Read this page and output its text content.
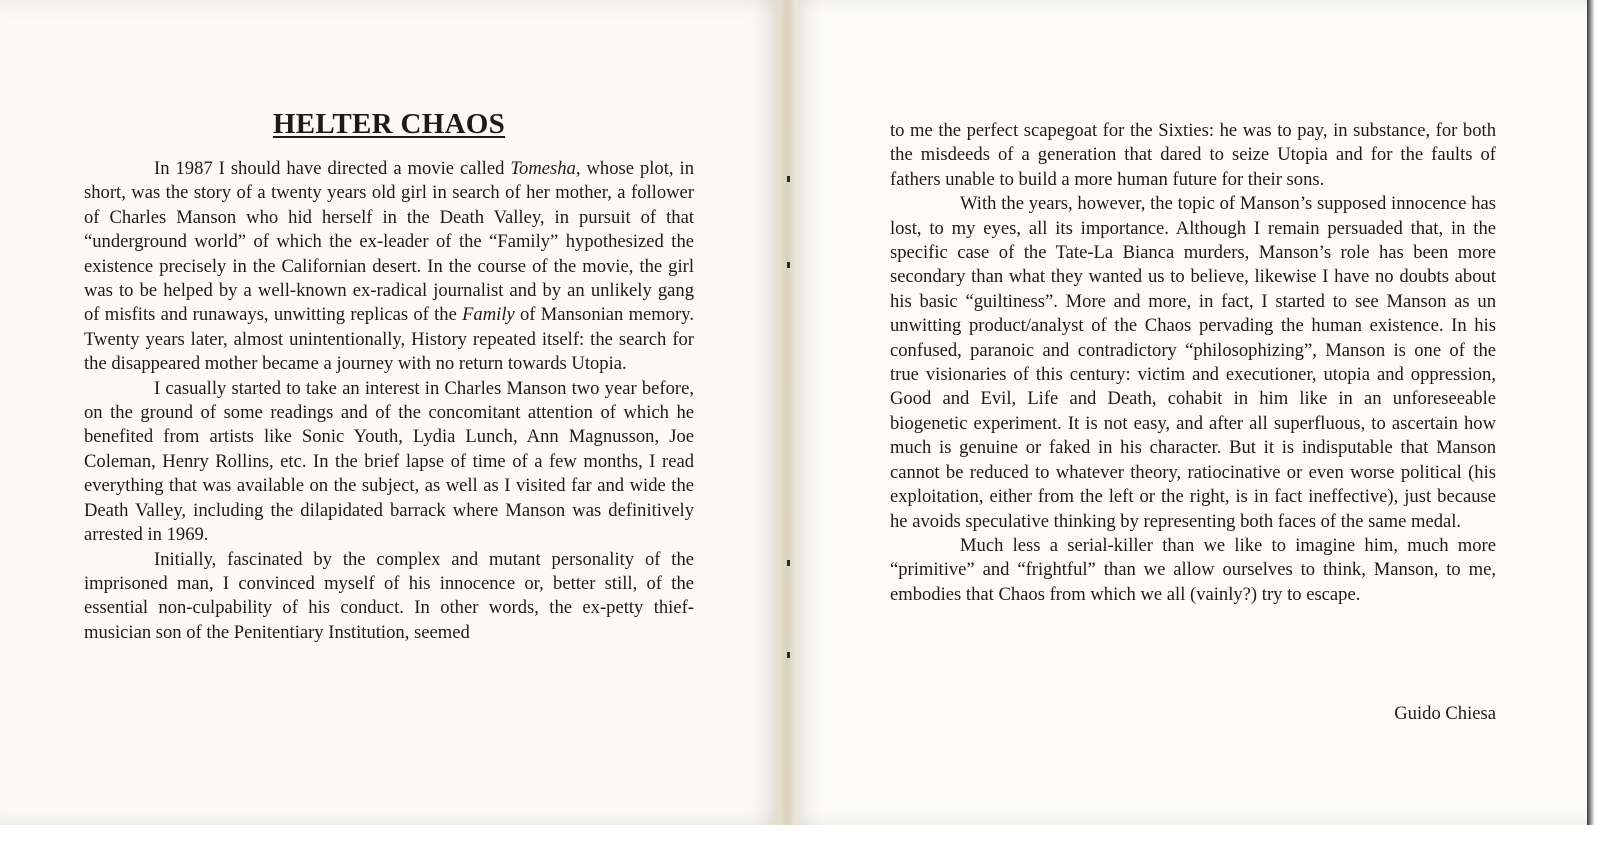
HELTER CHAOS

In 1987 I should have directed a movie called Tomesha, whose plot, in short, was the story of a twenty years old girl in search of her mother, a follower of Charles Manson who hid herself in the Death Valley, in pursuit of that “underground world” of which the ex-leader of the “Family” hypothesized the existence precisely in the Californian desert. In the course of the movie, the girl was to be helped by a well-known ex-radical journalist and by an unlikely gang of misfits and runaways, unwitting replicas of the Family of Mansonian memory. Twenty years later, almost unintentionally, History repeated itself: the search for the disappeared mother became a journey with no return towards Utopia.

I casually started to take an interest in Charles Manson two year before, on the ground of some readings and of the concomitant attention of which he benefited from artists like Sonic Youth, Lydia Lunch, Ann Magnusson, Joe Coleman, Henry Rollins, etc. In the brief lapse of time of a few months, I read everything that was available on the subject, as well as I visited far and wide the Death Valley, including the dilapidated barrack where Manson was definitively arrested in 1969.

Initially, fascinated by the complex and mutant personality of the imprisoned man, I convinced myself of his innocence or, better still, of the essential non-culpability of his conduct. In other words, the ex-petty thief-musician son of the Penitentiary Institution, seemed

to me the perfect scapegoat for the Sixties: he was to pay, in substance, for both the misdeeds of a generation that dared to seize Utopia and for the faults of fathers unable to build a more human future for their sons.

With the years, however, the topic of Manson’s supposed innocence has lost, to my eyes, all its importance. Although I remain persuaded that, in the specific case of the Tate-La Bianca murders, Manson’s role has been more secondary than what they wanted us to believe, likewise I have no doubts about his basic “guiltiness”. More and more, in fact, I started to see Manson as un unwitting product/analyst of the Chaos pervading the human existence. In his confused, paranoic and contradictory “philosophizing”, Manson is one of the true visionaries of this century: victim and executioner, utopia and oppression, Good and Evil, Life and Death, cohabit in him like in an unforeseeable biogenetic experiment. It is not easy, and after all superfluous, to ascertain how much is genuine or faked in his character. But it is indisputable that Manson cannot be reduced to whatever theory, ratiocinative or even worse political (his exploitation, either from the left or the right, is in fact ineffective), just because he avoids speculative thinking by representing both faces of the same medal.

Much less a serial-killer than we like to imagine him, much more “primitive” and “frightful” than we allow ourselves to think, Manson, to me, embodies that Chaos from which we all (vainly?) try to escape.

Guido Chiesa
